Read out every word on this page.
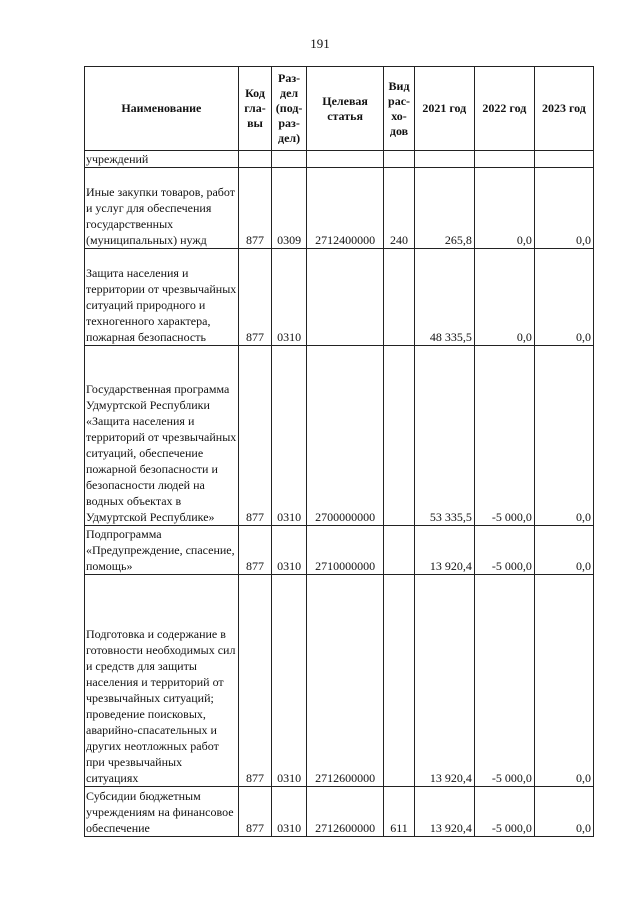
191
Наименование	Код гла-вы	Раз-дел (под-раз-дел)	Целевая статья	Вид рас-хо-дов	2021 год	2022 год	2023 год
учреждений							
Иные закупки товаров, работ и услуг для обеспечения государственных (муниципальных) нужд	877	0309	2712400000	240	265,8	0,0	0,0
Защита населения и территории от чрезвычайных ситуаций природного и техногенного характера, пожарная безопасность	877	0310			48 335,5	0,0	0,0
Государственная программа Удмуртской Республики «Защита населения и территорий от чрезвычайных ситуаций, обеспечение пожарной безопасности и безопасности людей на водных объектах в Удмуртской Республике»	877	0310	2700000000		53 335,5	-5 000,0	0,0
Подпрограмма «Предупреждение, спасение, помощь»	877	0310	2710000000		13 920,4	-5 000,0	0,0
Подготовка и содержание в готовности необходимых сил и средств для защиты населения и территорий от чрезвычайных ситуаций; проведение поисковых, аварийно-спасательных и других неотложных работ при чрезвычайных ситуациях	877	0310	2712600000		13 920,4	-5 000,0	0,0
Субсидии бюджетным учреждениям на финансовое обеспечение	877	0310	2712600000	611	13 920,4	-5 000,0	0,0
